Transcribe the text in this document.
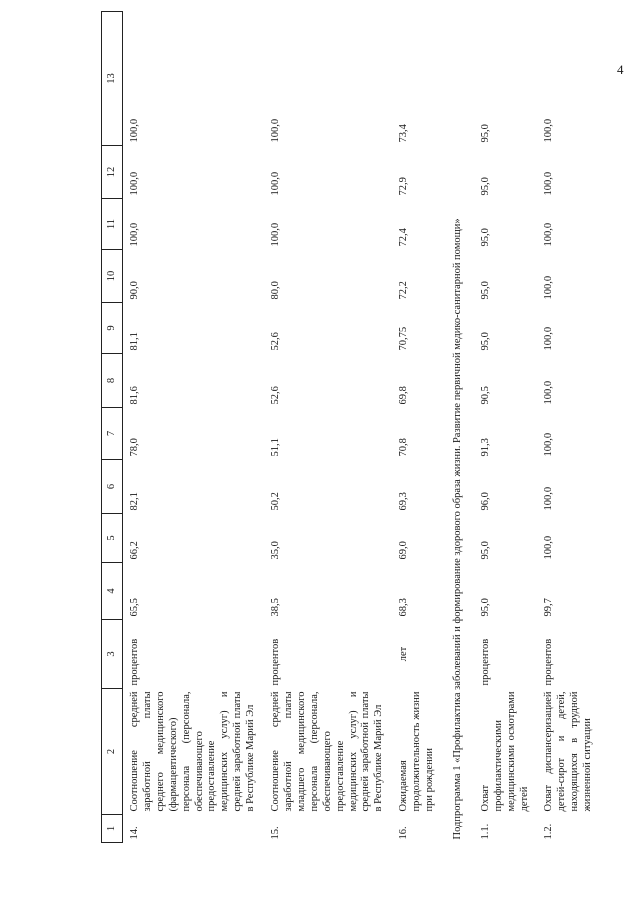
4
1	2	3	4	5	6	7	8	9	10	11	12	13
14.	Соотношение средней заработной платы среднего медицинского (фармацевтического) персонала (персонала, обеспечивающего предоставление медицинских услуг) и средней заработной платы в Республике Марий Эл	процентов	65,5	66,2	82,1	78,0	81,6	81,1	90,0	100,0	100,0	100,0
15.	Соотношение средней заработной платы младшего медицинского персонала (персонала, обеспечивающего предоставление медицинских услуг) и средней заработной платы в Республике Марий Эл	процентов	38,5	35,0	50,2	51,1	52,6	52,6	80,0	100,0	100,0	100,0
16.	Ожидаемая продолжительность жизни при рождении	лет	68,3	69,0	69,3	70,8	69,8	70,75	72,2	72,4	72,9	73,4
Подпрограмма 1 «Профилактика заболеваний и формирование здорового образа жизни. Развитие первичной медико-санитарной помощи»												
1.1.	Охват профилактическими медицинскими осмотрами детей	процентов	95,0	95,0	96,0	91,3	90,5	95,0	95,0	95,0	95,0	95,0
1.2.	Охват диспансеризацией детей-сирот и детей, находящихся в трудной жизненной ситуации	процентов	99,7	100,0	100,0	100,0	100,0	100,0	100,0	100,0	100,0	100,0
